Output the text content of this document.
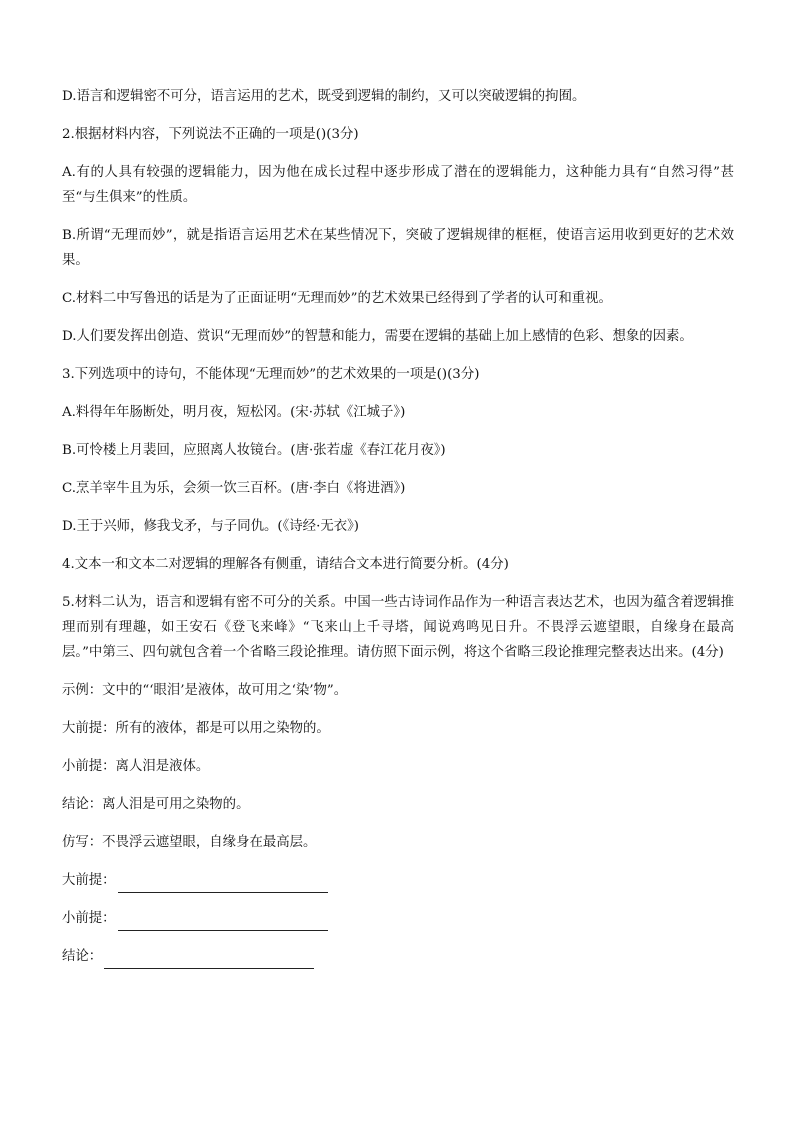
D.语言和逻辑密不可分，语言运用的艺术，既受到逻辑的制约，又可以突破逻辑的拘囿。

2.根据材料内容，下列说法不正确的一项是()(3分)

A.有的人具有较强的逻辑能力，因为他在成长过程中逐步形成了潜在的逻辑能力，这种能力具有“自然习得”甚至“与生俱来”的性质。

B.所谓“无理而妙”，就是指语言运用艺术在某些情况下，突破了逻辑规律的框框，使语言运用收到更好的艺术效果。

C.材料二中写鲁迅的话是为了正面证明“无理而妙”的艺术效果已经得到了学者的认可和重视。

D.人们要发挥出创造、赏识“无理而妙”的智慧和能力，需要在逻辑的基础上加上感情的色彩、想象的因素。

3.下列选项中的诗句，不能体现“无理而妙”的艺术效果的一项是()(3分)

A.料得年年肠断处，明月夜，短松冈。(宋·苏轼《江城子》)

B.可怜楼上月裴回，应照离人妆镜台。(唐·张若虚《春江花月夜》)

C.烹羊宰牛且为乐，会须一饮三百杯。(唐·李白《将进酒》)

D.王于兴师，修我戈矛，与子同仇。(《诗经·无衣》)

4.文本一和文本二对逻辑的理解各有侧重，请结合文本进行简要分析。(4分)

5.材料二认为，语言和逻辑有密不可分的关系。中国一些古诗词作品作为一种语言表达艺术，也因为蕴含着逻辑推理而别有理趣，如王安石《登飞来峰》“飞来山上千寻塔，闻说鸡鸣见日升。不畏浮云遮望眼，自缘身在最高层。”中第三、四句就包含着一个省略三段论推理。请仿照下面示例，将这个省略三段论推理完整表达出来。(4分)

示例：文中的“‘眼泪’是液体，故可用之‘染’物”。

大前提：所有的液体，都是可以用之染物的。

小前提：离人泪是液体。

结论：离人泪是可用之染物的。

仿写：不畏浮云遮望眼，自缘身在最高层。

大前提：
小前提：
结论：
